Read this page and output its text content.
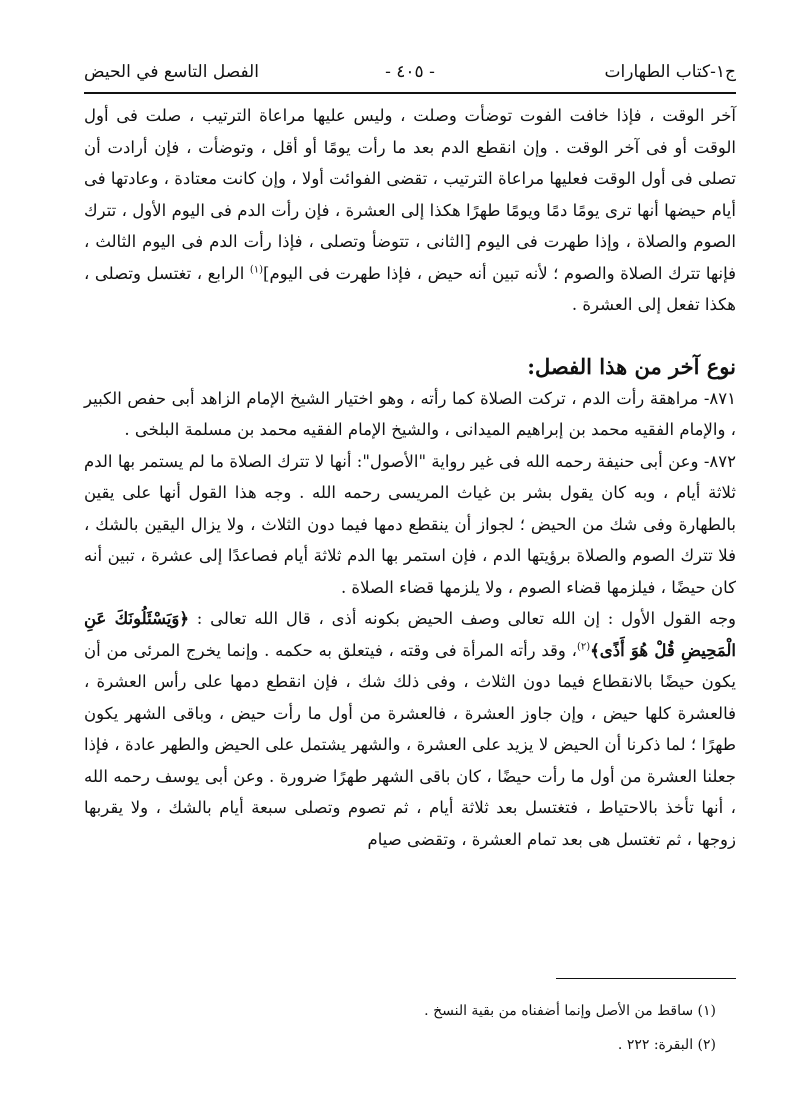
ج١-كتاب الطهارات
- ٤٠٥ -
الفصل التاسع في الحيض

آخر الوقت ، فإذا خافت الفوت توضأت وصلت ، وليس عليها مراعاة الترتيب ، صلت فى أول الوقت أو فى آخر الوقت . وإن انقطع الدم بعد ما رأت يومًا أو أقل ، وتوضأت ، فإن أرادت أن تصلى فى أول الوقت فعليها مراعاة الترتيب ، تقضى الفوائت أولا ، وإن كانت معتادة ، وعادتها فى أيام حيضها أنها ترى يومًا دمًا ويومًا طهرًا هكذا إلى العشرة ، فإن رأت الدم فى اليوم الأول ، تترك الصوم والصلاة ، وإذا طهرت فى اليوم [الثانى ، تتوضأ وتصلى ، فإذا رأت الدم فى اليوم الثالث ، فإنها تترك الصلاة والصوم ؛ لأنه تبين أنه حيض ، فإذا طهرت فى اليوم]$^{(١)}$ الرابع ، تغتسل وتصلى ، هكذا تفعل إلى العشرة .

نوع آخر من هذا الفصل:

٨٧١- مراهقة رأت الدم ، تركت الصلاة كما رأته ، وهو اختيار الشيخ الإمام الزاهد أبى حفص الكبير ، والإمام الفقيه محمد بن إبراهيم الميدانى ، والشيخ الإمام الفقيه محمد بن مسلمة البلخى .

٨٧٢- وعن أبى حنيفة رحمه الله فى غير رواية "الأصول": أنها لا تترك الصلاة ما لم يستمر بها الدم ثلاثة أيام ، وبه كان يقول بشر بن غياث المريسى رحمه الله . وجه هذا القول أنها على يقين بالطهارة وفى شك من الحيض ؛ لجواز أن ينقطع دمها فيما دون الثلاث ، ولا يزال اليقين بالشك ، فلا تترك الصوم والصلاة برؤيتها الدم ، فإن استمر بها الدم ثلاثة أيام فصاعدًا إلى عشرة ، تبين أنه كان حيضًا ، فيلزمها قضاء الصوم ، ولا يلزمها قضاء الصلاة .

وجه القول الأول : إن الله تعالى وصف الحيض بكونه أذى ، قال الله تعالى : ﴿وَيَسْئَلُونَكَ عَنِ الْمَحِيضِ قُلْ هُوَ أَذًى﴾$^{(٢)}$، وقد رأته المرأة فى وقته ، فيتعلق به حكمه . وإنما يخرج المرئى من أن يكون حيضًا بالانقطاع فيما دون الثلاث ، وفى ذلك شك ، فإن انقطع دمها على رأس العشرة ، فالعشرة كلها حيض ، وإن جاوز العشرة ، فالعشرة من أول ما رأت حيض ، وباقى الشهر يكون طهرًا ؛ لما ذكرنا أن الحيض لا يزيد على العشرة ، والشهر يشتمل على الحيض والطهر عادة ، فإذا جعلنا العشرة من أول ما رأت حيضًا ، كان باقى الشهر طهرًا ضرورة . وعن أبى يوسف رحمه الله ، أنها تأخذ بالاحتياط ، فتغتسل بعد ثلاثة أيام ، ثم تصوم وتصلى سبعة أيام بالشك ، ولا يقربها زوجها ، ثم تغتسل هى بعد تمام العشرة ، وتقضى صيام

(١) ساقط من الأصل وإنما أضفناه من بقية النسخ .

(٢) البقرة: ٢٢٢ .
